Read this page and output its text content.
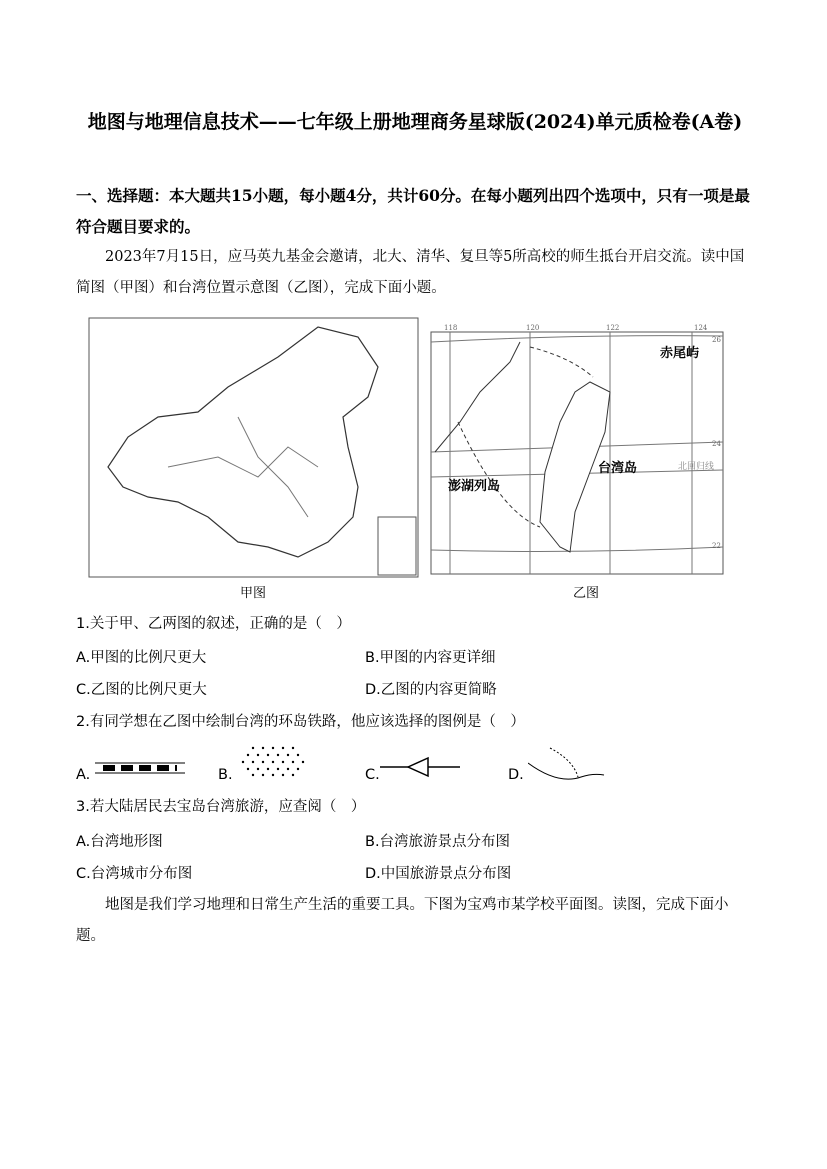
地图与地理信息技术——七年级上册地理商务星球版(2024)单元质检卷(A卷)
一、选择题：本大题共15小题，每小题4分，共计60分。在每小题列出四个选项中，只有一项是最符合题目要求的。
2023年7月15日，应马英九基金会邀请，北大、清华、复旦等5所高校的师生抵台开启交流。读中国简图（甲图）和台湾位置示意图（乙图），完成下面小题。
甲图
118	120	122	124
26
24
22
赤尾屿
台湾岛
澎湖列岛
北回归线
乙图
1.关于甲、乙两图的叙述，正确的是（　）
A.甲图的比例尺更大	B.甲图的内容更详细
C.乙图的比例尺更大	D.乙图的内容更简略
2.有同学想在乙图中绘制台湾的环岛铁路，他应该选择的图例是（　）
A.	B.	C.	D.
3.若大陆居民去宝岛台湾旅游，应查阅（　）
A.台湾地形图	B.台湾旅游景点分布图
C.台湾城市分布图	D.中国旅游景点分布图
地图是我们学习地理和日常生产生活的重要工具。下图为宝鸡市某学校平面图。读图，完成下面小题。
